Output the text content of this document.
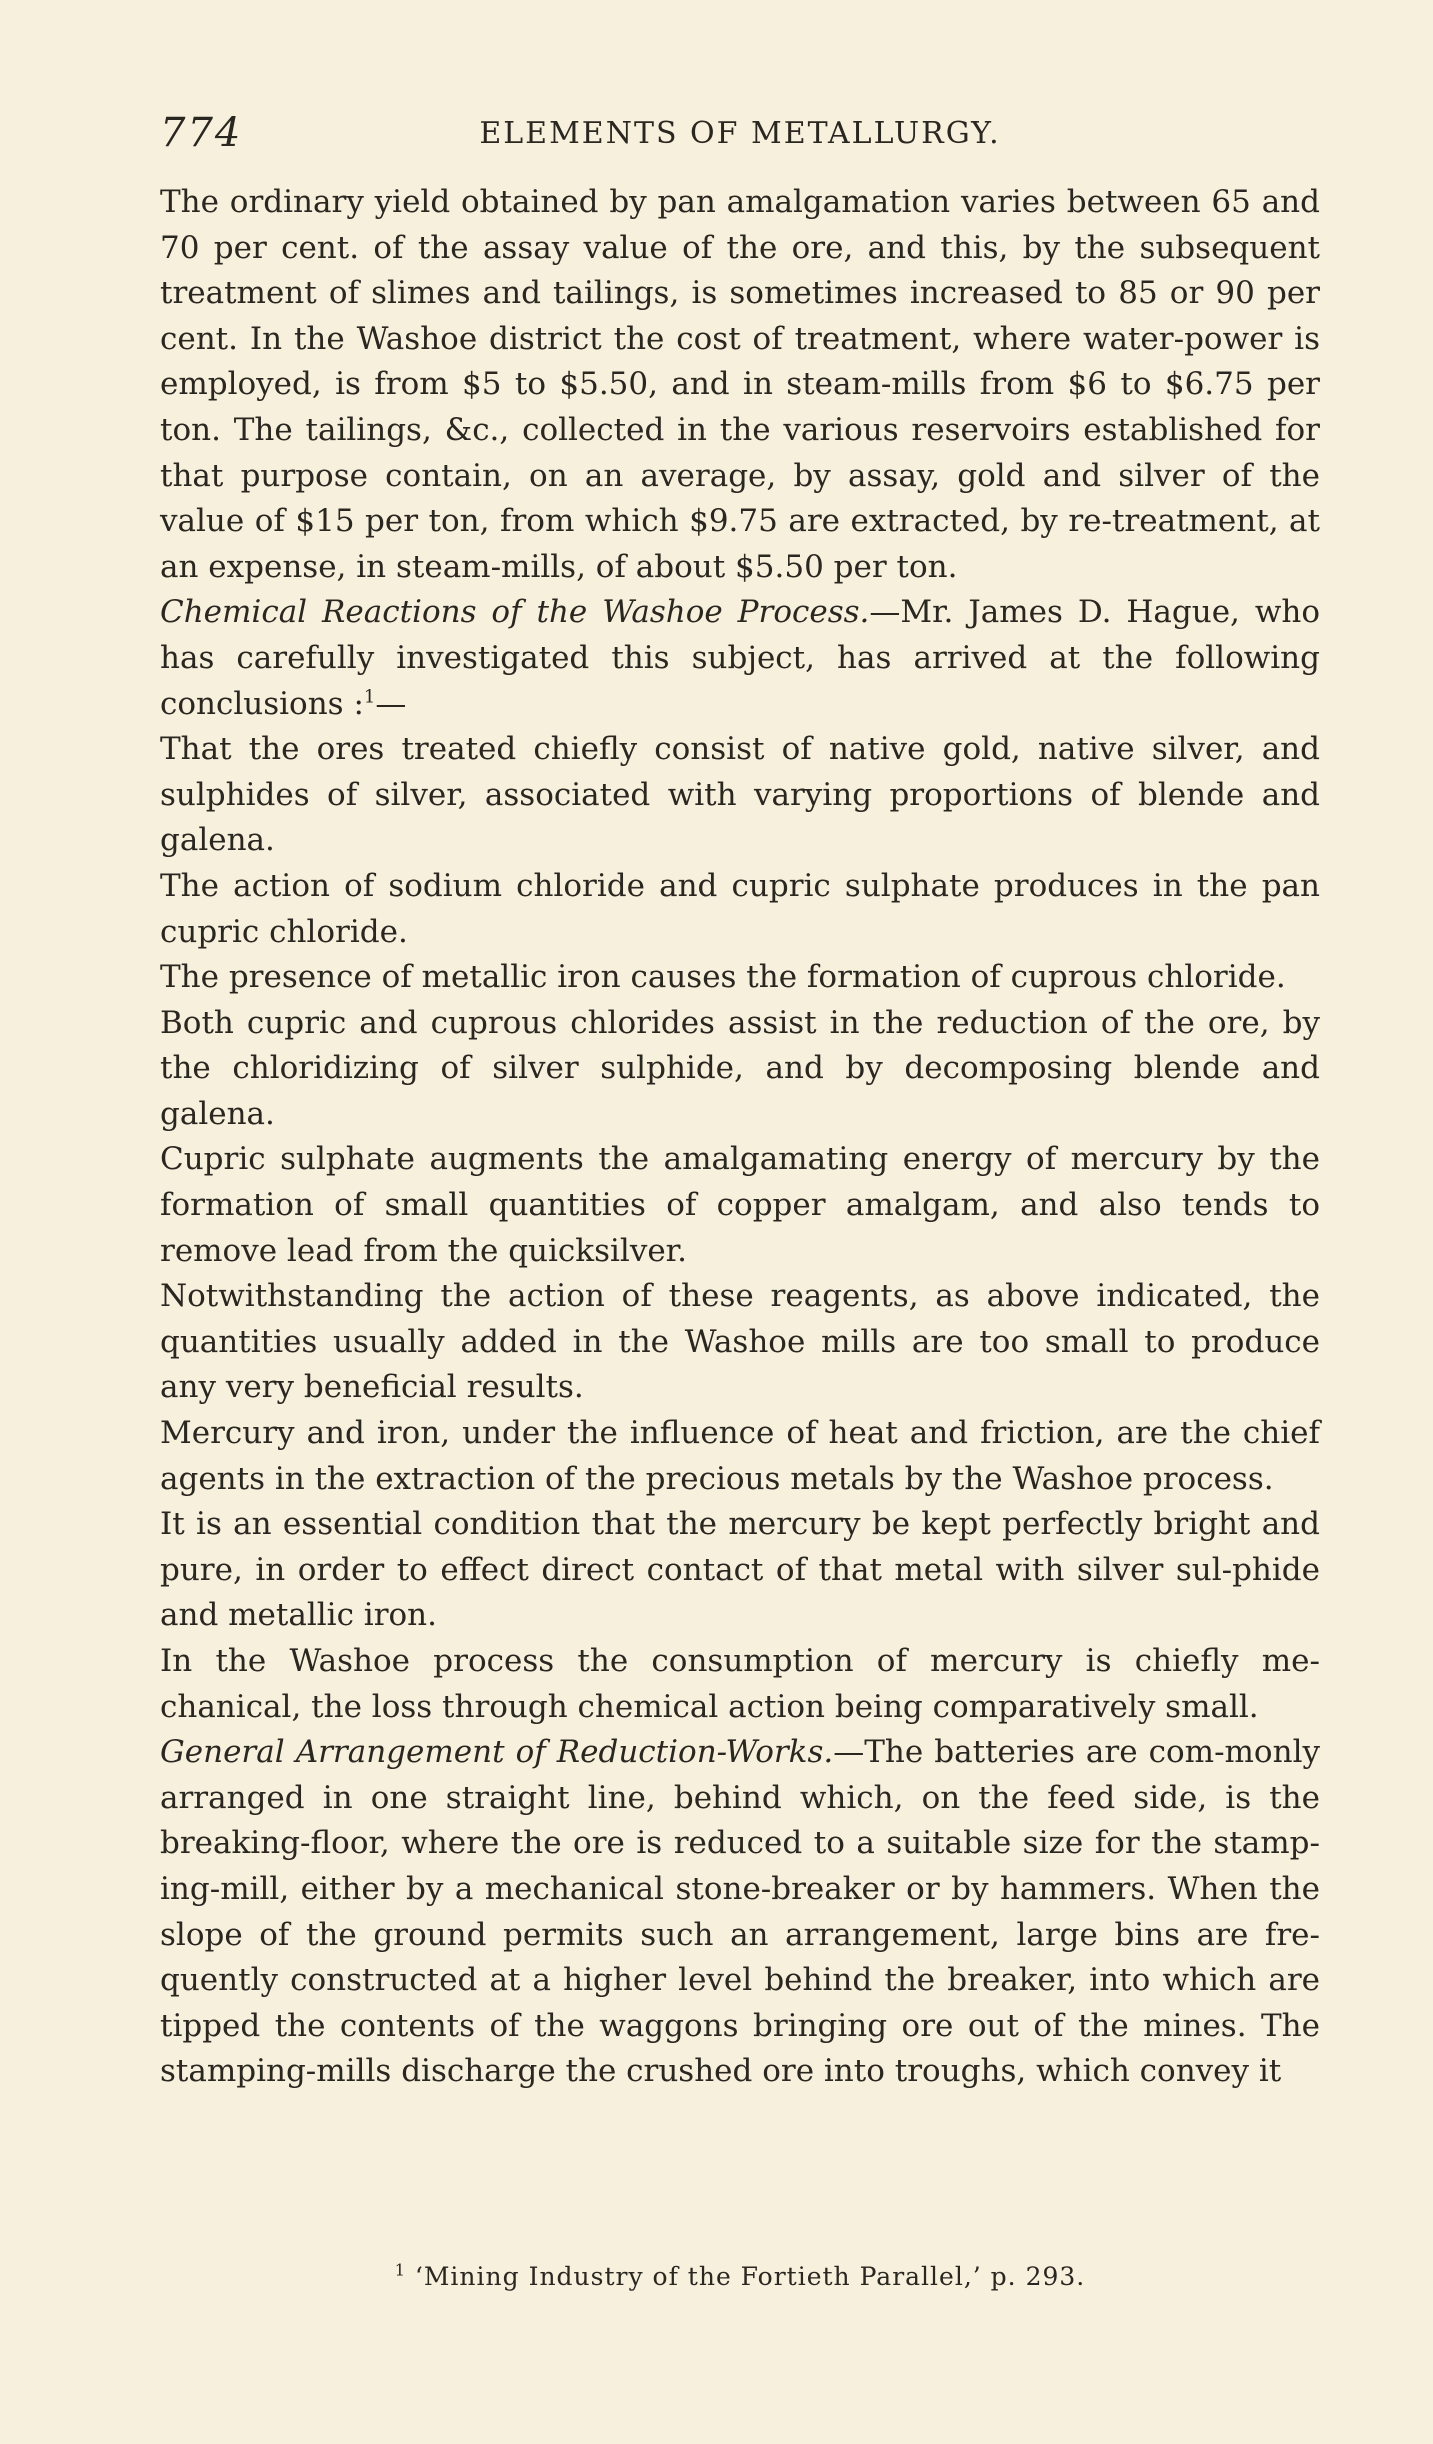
774	ELEMENTS OF METALLURGY.

The ordinary yield obtained by pan amalgamation varies between 65 and 70 per cent. of the assay value of the ore, and this, by the subsequent treatment of slimes and tailings, is sometimes increased to 85 or 90 per cent. In the Washoe district the cost of treatment, where water-power is employed, is from $5 to $5.50, and in steam-mills from $6 to $6.75 per ton. The tailings, &c., collected in the various reservoirs established for that purpose contain, on an average, by assay, gold and silver of the value of $15 per ton, from which $9.75 are extracted, by re-treatment, at an expense, in steam-mills, of about $5.50 per ton.

Chemical Reactions of the Washoe Process.—Mr. James D. Hague, who has carefully investigated this subject, has arrived at the following conclusions :$^1$—

That the ores treated chiefly consist of native gold, native silver, and sulphides of silver, associated with varying proportions of blende and galena.

The action of sodium chloride and cupric sulphate produces in the pan cupric chloride.

The presence of metallic iron causes the formation of cuprous chloride.

Both cupric and cuprous chlorides assist in the reduction of the ore, by the chloridizing of silver sulphide, and by decomposing blende and galena.

Cupric sulphate augments the amalgamating energy of mercury by the formation of small quantities of copper amalgam, and also tends to remove lead from the quicksilver.

Notwithstanding the action of these reagents, as above indicated, the quantities usually added in the Washoe mills are too small to produce any very beneficial results.

Mercury and iron, under the influence of heat and friction, are the chief agents in the extraction of the precious metals by the Washoe process.

It is an essential condition that the mercury be kept perfectly bright and pure, in order to effect direct contact of that metal with silver sul-phide and metallic iron.

In the Washoe process the consumption of mercury is chiefly me-chanical, the loss through chemical action being comparatively small.

General Arrangement of Reduction-Works.—The batteries are com-monly arranged in one straight line, behind which, on the feed side, is the breaking-floor, where the ore is reduced to a suitable size for the stamp-ing-mill, either by a mechanical stone-breaker or by hammers. When the slope of the ground permits such an arrangement, large bins are fre-quently constructed at a higher level behind the breaker, into which are tipped the contents of the waggons bringing ore out of the mines. The stamping-mills discharge the crushed ore into troughs, which convey it

$^1$ ‘Mining Industry of the Fortieth Parallel,’ p. 293.
